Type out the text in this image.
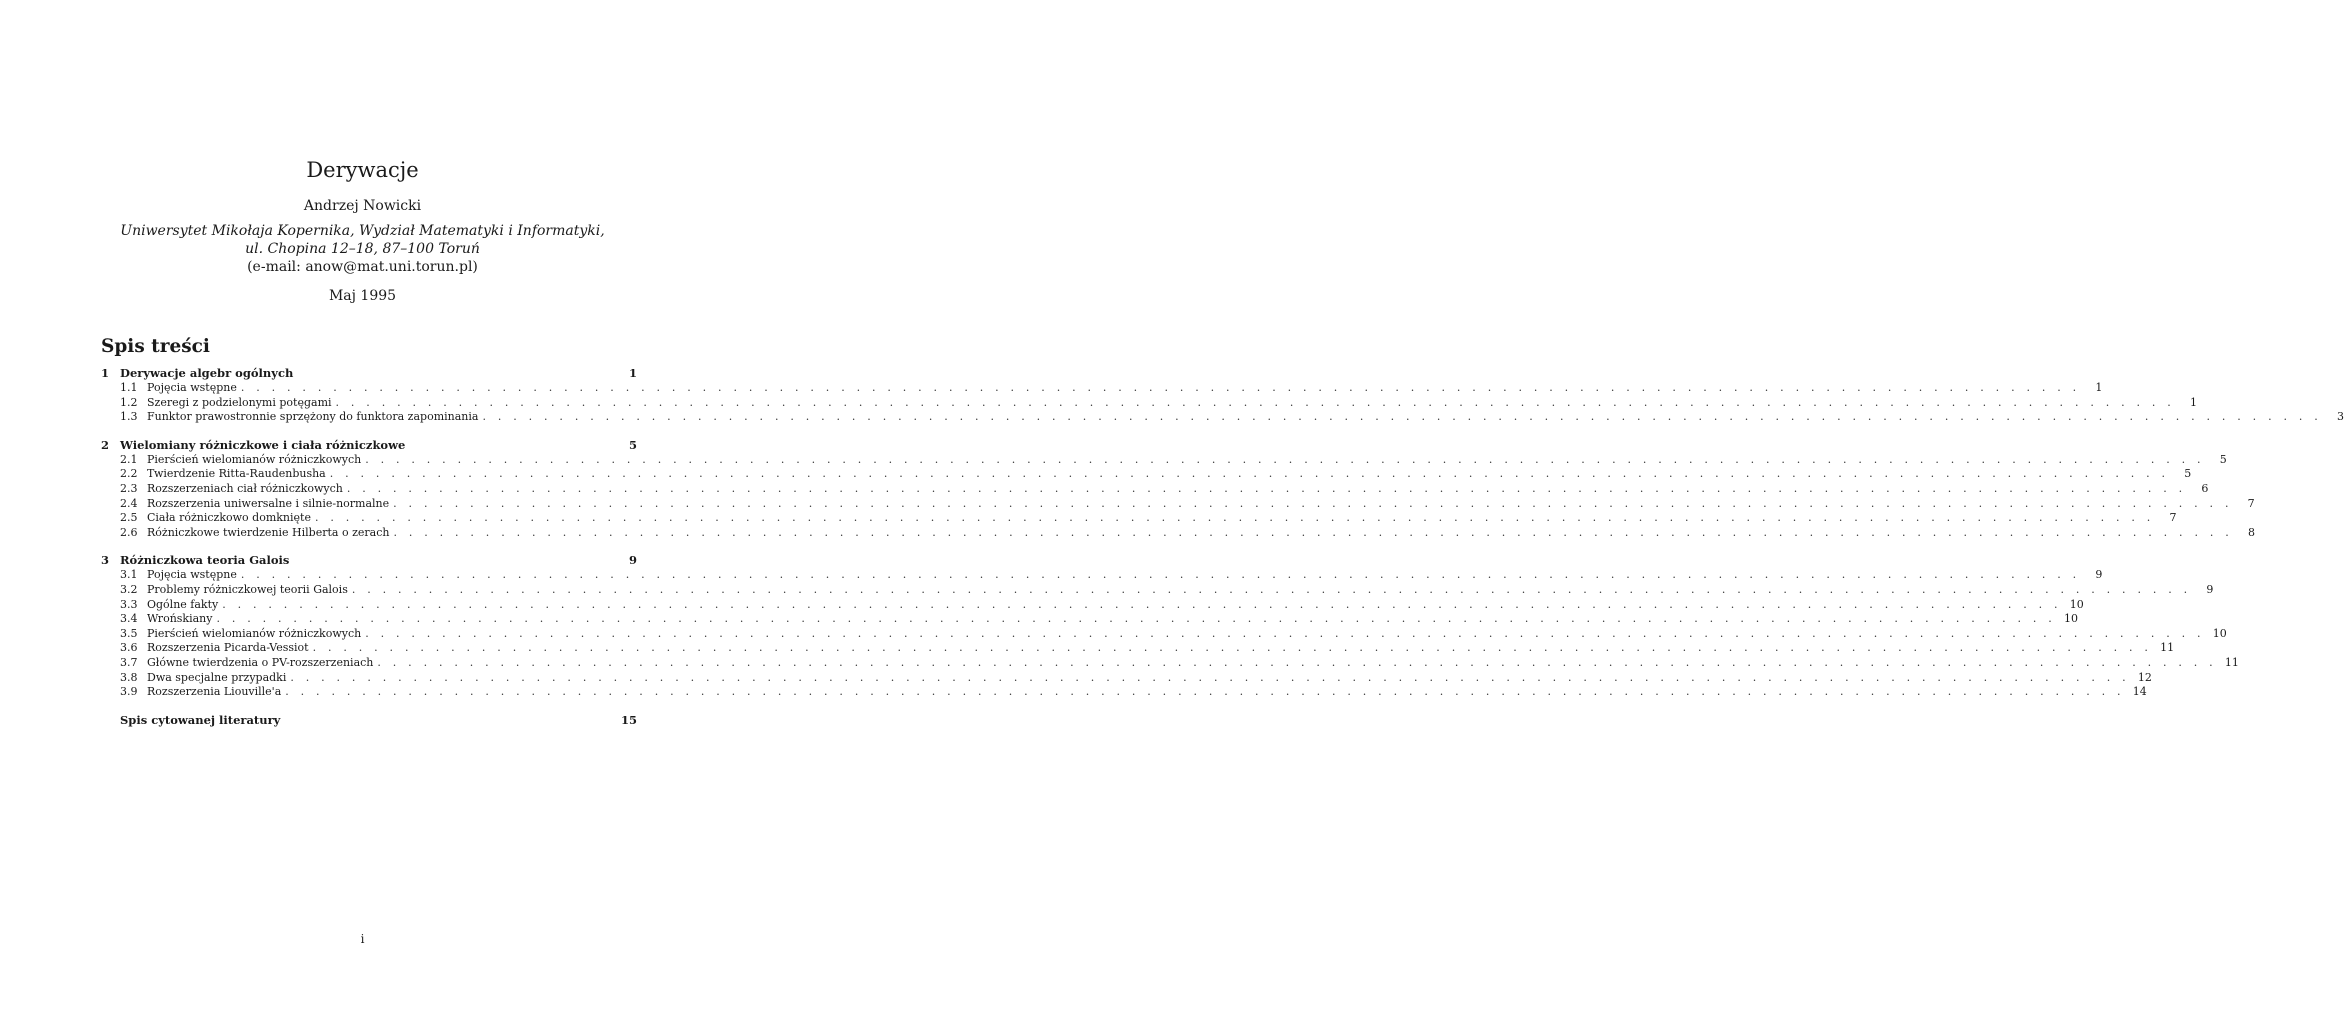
Derywacje
Andrzej Nowicki
Uniwersytet Mikołaja Kopernika, Wydział Matematyki i Informatyki,
ul. Chopina 12–18, 87–100 Toruń
(e-mail: anow@mat.uni.torun.pl)
Maj 1995
Spis treści
1 Derywacje algebr ogólnych	1
1.1 Pojęcia wstępne . . . . . . . . . . . . . . . . . . . . . . . . . . . . . . . . . . . . . . . . . . . . . . . . . . . . . . . . . . . . . . . . . . . . . . . . . . . . . . . . . . . . . . . . . . . . . . . . . . . . . . . . . . . . . . . . . . . . . . . .	1
1.2 Szeregi z podzielonymi potęgami . . . . . . . . . . . . . . . . . . . . . . . . . . . . . . . . . . . . . . . . . . . . . . . . . . . . . . . . . . . . . . . . . . . . . . . . . . . . . . . . . . . . . . . . . . . . . . . . . . . . . . . . . . . . . . . . . . . . . . . .	1
1.3 Funktor prawostronnie sprzężony do funktora zapominania . . . . . . . . . . . . . . . . . . . . . . . . . . . . . . . . . . . . . . . . . . . . . . . . . . . . . . . . . . . . . . . . . . . . . . . . . . . . . . . . . . . . . . . . . . . . . . . . . . . . . . . . . . . . . . . . . . . . . . . .	3
2 Wielomiany różniczkowe i ciała różniczkowe	5
2.1 Pierścień wielomianów różniczkowych . . . . . . . . . . . . . . . . . . . . . . . . . . . . . . . . . . . . . . . . . . . . . . . . . . . . . . . . . . . . . . . . . . . . . . . . . . . . . . . . . . . . . . . . . . . . . . . . . . . . . . . . . . . . . . . . . . . . . . . .	5
2.2 Twierdzenie Ritta-Raudenbusha . . . . . . . . . . . . . . . . . . . . . . . . . . . . . . . . . . . . . . . . . . . . . . . . . . . . . . . . . . . . . . . . . . . . . . . . . . . . . . . . . . . . . . . . . . . . . . . . . . . . . . . . . . . . . . . . . . . . . . . .	5
2.3 Rozszerzeniach ciał różniczkowych . . . . . . . . . . . . . . . . . . . . . . . . . . . . . . . . . . . . . . . . . . . . . . . . . . . . . . . . . . . . . . . . . . . . . . . . . . . . . . . . . . . . . . . . . . . . . . . . . . . . . . . . . . . . . . . . . . . . . . . .	6
2.4 Rozszerzenia uniwersalne i silnie-normalne . . . . . . . . . . . . . . . . . . . . . . . . . . . . . . . . . . . . . . . . . . . . . . . . . . . . . . . . . . . . . . . . . . . . . . . . . . . . . . . . . . . . . . . . . . . . . . . . . . . . . . . . . . . . . . . . . . . . . . . .	7
2.5 Ciała różniczkowo domknięte . . . . . . . . . . . . . . . . . . . . . . . . . . . . . . . . . . . . . . . . . . . . . . . . . . . . . . . . . . . . . . . . . . . . . . . . . . . . . . . . . . . . . . . . . . . . . . . . . . . . . . . . . . . . . . . . . . . . . . . .	7
2.6 Różniczkowe twierdzenie Hilberta o zerach . . . . . . . . . . . . . . . . . . . . . . . . . . . . . . . . . . . . . . . . . . . . . . . . . . . . . . . . . . . . . . . . . . . . . . . . . . . . . . . . . . . . . . . . . . . . . . . . . . . . . . . . . . . . . . . . . . . . . . . .	8
3 Różniczkowa teoria Galois	9
3.1 Pojęcia wstępne . . . . . . . . . . . . . . . . . . . . . . . . . . . . . . . . . . . . . . . . . . . . . . . . . . . . . . . . . . . . . . . . . . . . . . . . . . . . . . . . . . . . . . . . . . . . . . . . . . . . . . . . . . . . . . . . . . . . . . . .	9
3.2 Problemy różniczkowej teorii Galois . . . . . . . . . . . . . . . . . . . . . . . . . . . . . . . . . . . . . . . . . . . . . . . . . . . . . . . . . . . . . . . . . . . . . . . . . . . . . . . . . . . . . . . . . . . . . . . . . . . . . . . . . . . . . . . . . . . . . . . .	9
3.3 Ogólne fakty . . . . . . . . . . . . . . . . . . . . . . . . . . . . . . . . . . . . . . . . . . . . . . . . . . . . . . . . . . . . . . . . . . . . . . . . . . . . . . . . . . . . . . . . . . . . . . . . . . . . . . . . . . . . . . . . . . . . . . . . 10
3.4 Wrońskiany . . . . . . . . . . . . . . . . . . . . . . . . . . . . . . . . . . . . . . . . . . . . . . . . . . . . . . . . . . . . . . . . . . . . . . . . . . . . . . . . . . . . . . . . . . . . . . . . . . . . . . . . . . . . . . . . . . . . . . . . 10
3.5 Pierścień wielomianów różniczkowych . . . . . . . . . . . . . . . . . . . . . . . . . . . . . . . . . . . . . . . . . . . . . . . . . . . . . . . . . . . . . . . . . . . . . . . . . . . . . . . . . . . . . . . . . . . . . . . . . . . . . . . . . . . . . . . . . . . . . . . . 10
3.6 Rozszerzenia Picarda-Vessiot . . . . . . . . . . . . . . . . . . . . . . . . . . . . . . . . . . . . . . . . . . . . . . . . . . . . . . . . . . . . . . . . . . . . . . . . . . . . . . . . . . . . . . . . . . . . . . . . . . . . . . . . . . . . . . . . . . . . . . . . 11
3.7 Główne twierdzenia o PV-rozszerzeniach . . . . . . . . . . . . . . . . . . . . . . . . . . . . . . . . . . . . . . . . . . . . . . . . . . . . . . . . . . . . . . . . . . . . . . . . . . . . . . . . . . . . . . . . . . . . . . . . . . . . . . . . . . . . . . . . . . . . . . . . 11
3.8 Dwa specjalne przypadki . . . . . . . . . . . . . . . . . . . . . . . . . . . . . . . . . . . . . . . . . . . . . . . . . . . . . . . . . . . . . . . . . . . . . . . . . . . . . . . . . . . . . . . . . . . . . . . . . . . . . . . . . . . . . . . . . . . . . . . . 12
3.9 Rozszerzenia Liouville'a . . . . . . . . . . . . . . . . . . . . . . . . . . . . . . . . . . . . . . . . . . . . . . . . . . . . . . . . . . . . . . . . . . . . . . . . . . . . . . . . . . . . . . . . . . . . . . . . . . . . . . . . . . . . . . . . . . . . . . . . 14
Spis cytowanej literatury	15
i
